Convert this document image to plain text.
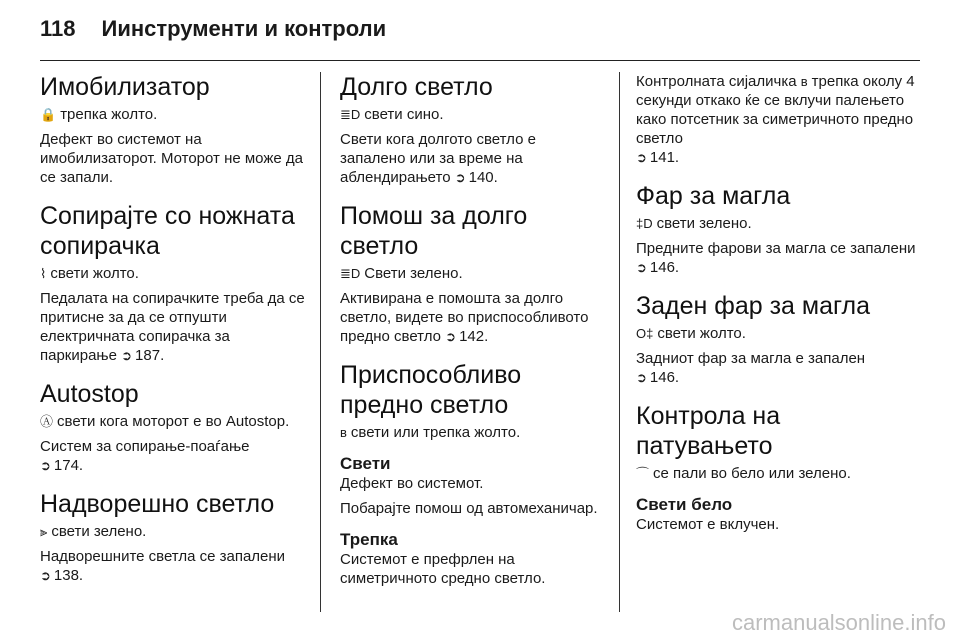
118 Иинструменти и контроли
Имобилизатор

🔒 трепка жолто.

Дефект во системот на имобилизаторот. Моторот не може да се запали.

Сопирајте со ножната сопирачка

⌇ свети жолто.

Педалата на сопирачките треба да се притисне за да се отпушти електричната сопирачка за паркирање ➲ 187.

Autostop

Ⓐ свети кога моторот е во Autostop.

Систем за сопирање-поаѓање
➲ 174.

Надворешно светло

⫸ свети зелено.

Надворешните светла се запалени
➲ 138.

Долго светло

≣D свети сино.

Свети кога долгото светло е запалено или за време на аблендирањето ➲ 140.

Помош за долго светло

≣D Свети зелено.

Активирана е помошта за долго светло, видете во приспособливото предно светло ➲ 142.

Приспособливо предно светло

ʙ свети или трепка жолто.

Свети

Дефект во системот.

Побарајте помош од автомеханичар.

Трепка

Системот е префрлен на симетричното средно светло.

Контролната сијаличка ʙ трепка околу 4 секунди откако ќе се вклучи палењето како потсетник за симетричното предно светло
➲ 141.

Фар за магла

‡D свети зелено.

Предните фарови за магла се запалени ➲ 146.

Заден фар за магла

O‡ свети жолто.

Задниот фар за магла е запален
➲ 146.

Контрола на патувањето

⌒ се пали во бело или зелено.

Свети бело

Системот е вклучен.

carmanualsonline.info
